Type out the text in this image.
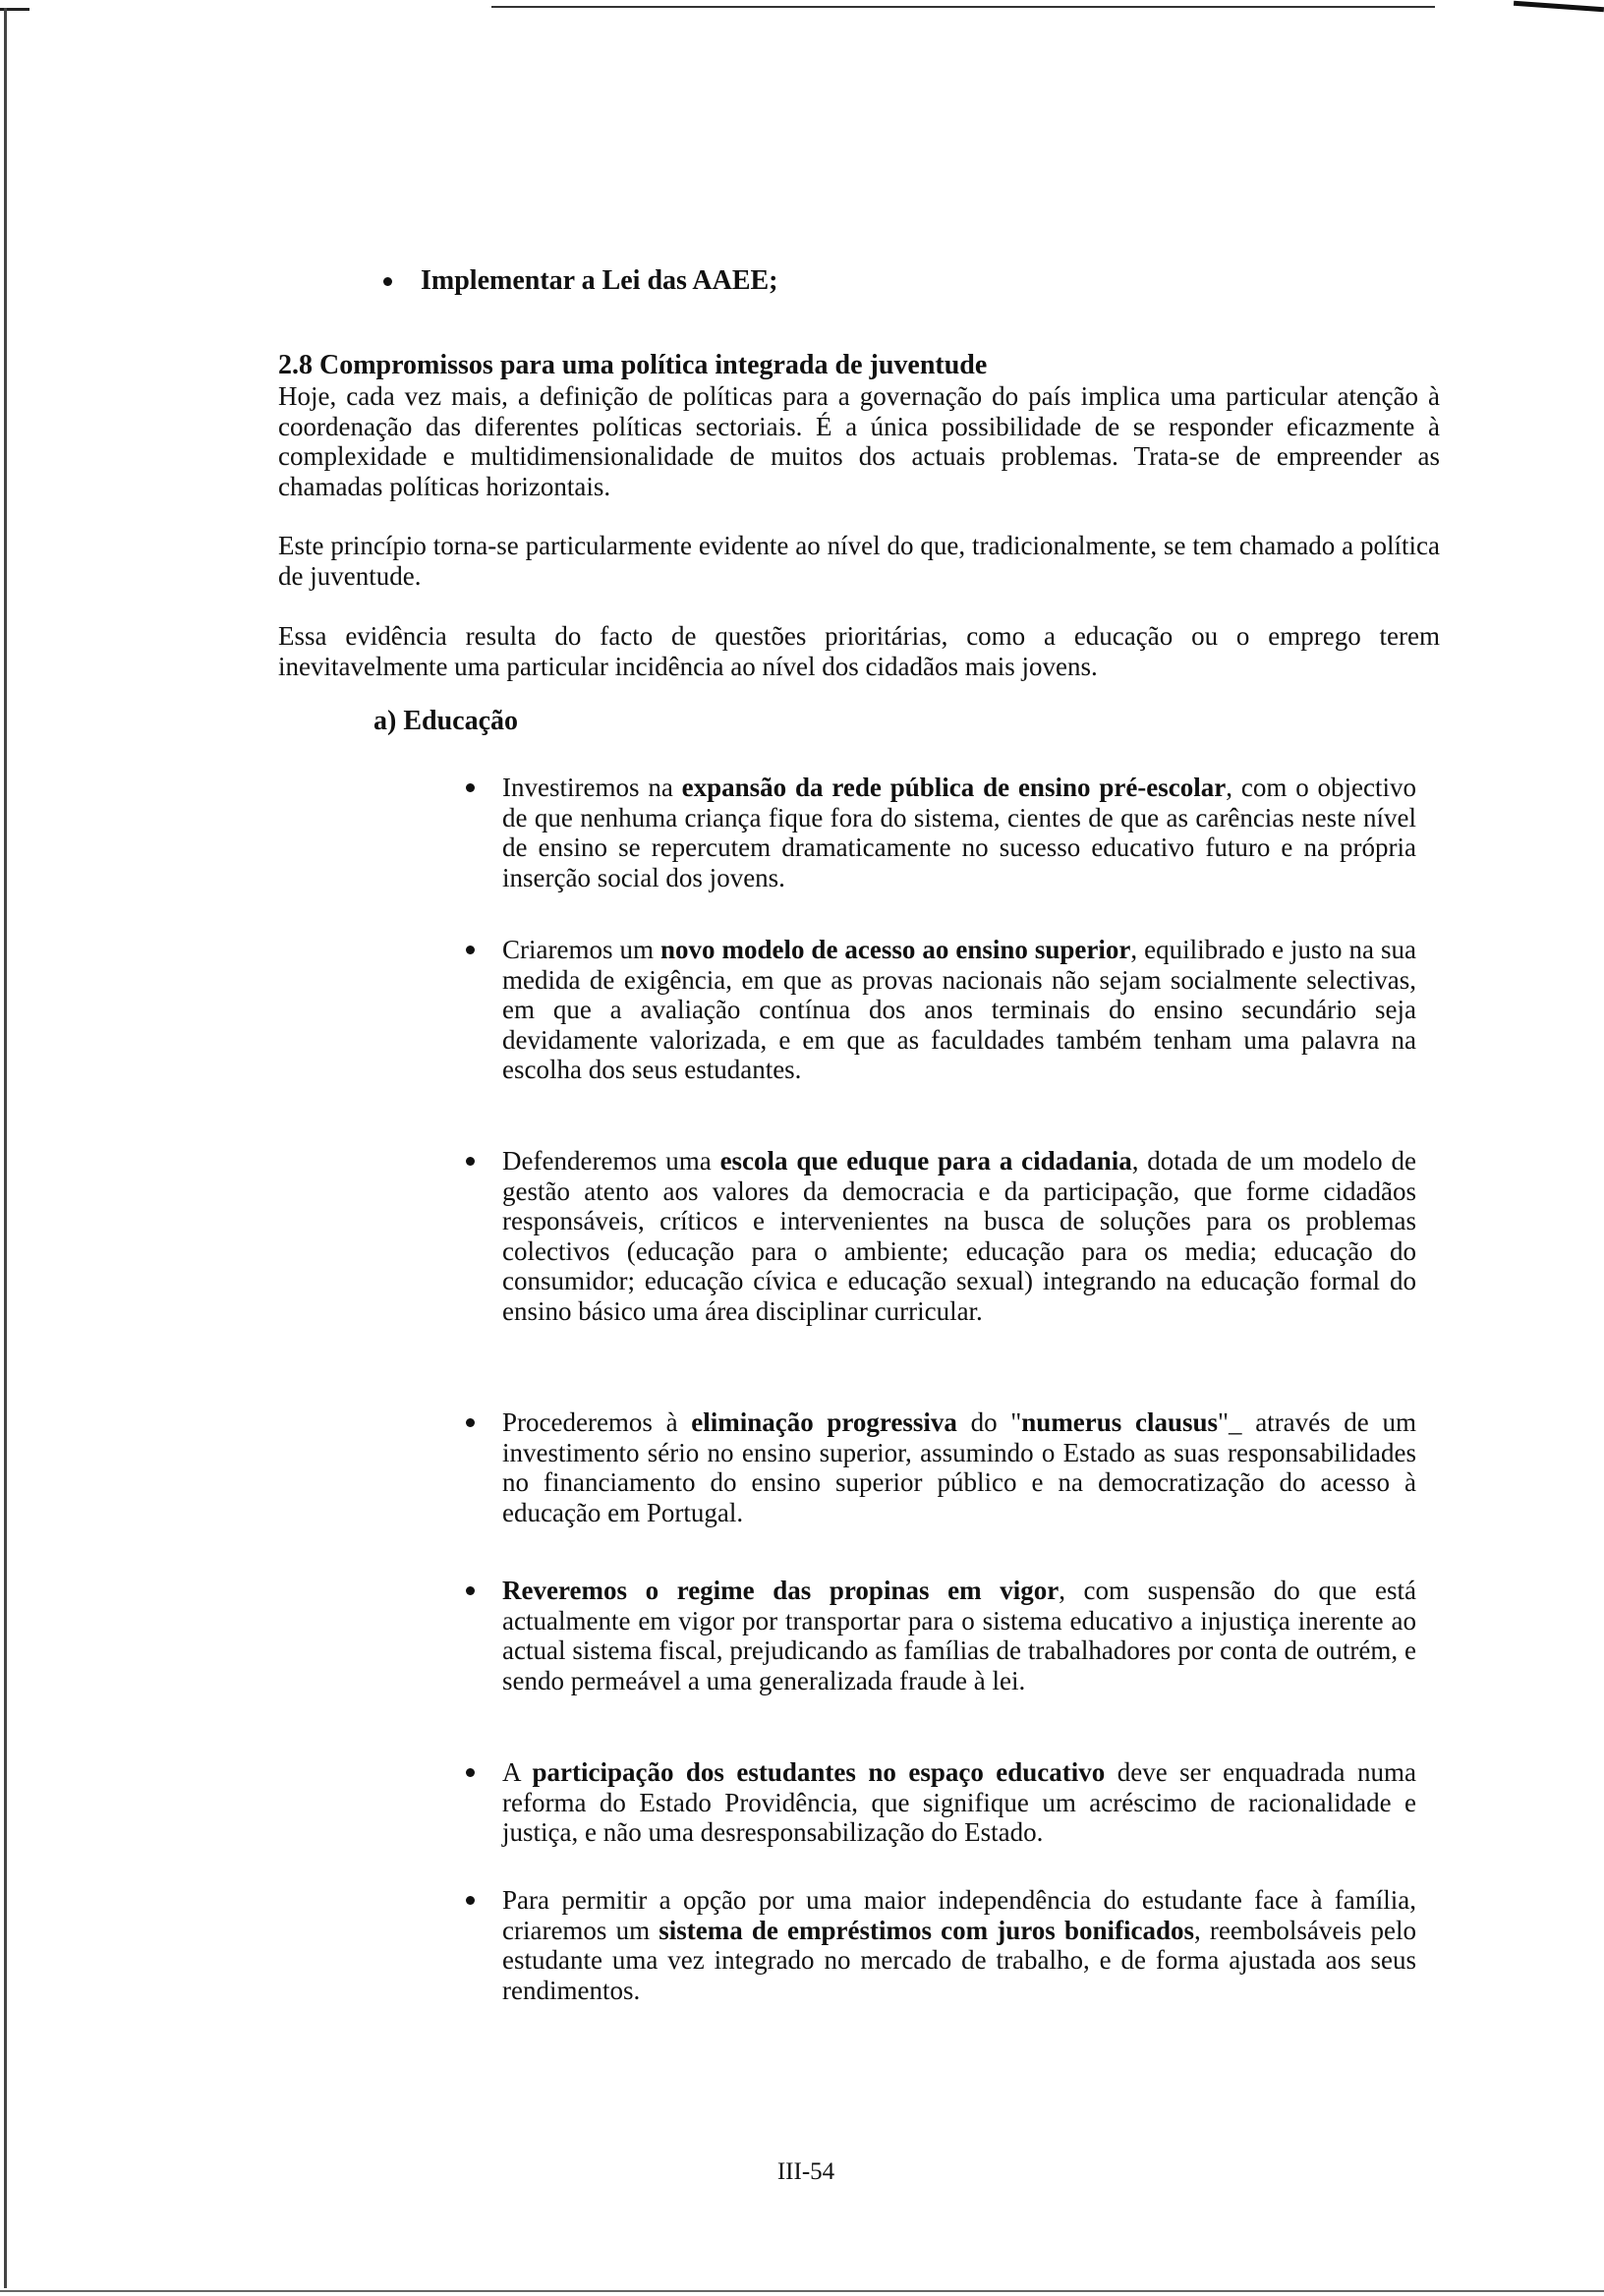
Implementar a Lei das AAEE;
2.8 Compromissos para uma política integrada de juventude
Hoje, cada vez mais, a definição de políticas para a governação do país implica uma particular atenção à coordenação das diferentes políticas sectoriais. É a única possibilidade de se responder eficazmente à complexidade e multidimensionalidade de muitos dos actuais problemas. Trata-se de empreender as chamadas políticas horizontais.
Este princípio torna-se particularmente evidente ao nível do que, tradicionalmente, se tem chamado a política de juventude.
Essa evidência resulta do facto de questões prioritárias, como a educação ou o emprego terem inevitavelmente uma particular incidência ao nível dos cidadãos mais jovens.
a) Educação
Investiremos na expansão da rede pública de ensino pré-escolar, com o objectivo de que nenhuma criança fique fora do sistema, cientes de que as carências neste nível de ensino se repercutem dramaticamente no sucesso educativo futuro e na própria inserção social dos jovens.
Criaremos um novo modelo de acesso ao ensino superior, equilibrado e justo na sua medida de exigência, em que as provas nacionais não sejam socialmente selectivas, em que a avaliação contínua dos anos terminais do ensino secundário seja devidamente valorizada, e em que as faculdades também tenham uma palavra na escolha dos seus estudantes.
Defenderemos uma escola que eduque para a cidadania, dotada de um modelo de gestão atento aos valores da democracia e da participação, que forme cidadãos responsáveis, críticos e intervenientes na busca de soluções para os problemas colectivos (educação para o ambiente; educação para os media; educação do consumidor; educação cívica e educação sexual) integrando na educação formal do ensino básico uma área disciplinar curricular.
Procederemos à eliminação progressiva do "numerus clausus"_ através de um investimento sério no ensino superior, assumindo o Estado as suas responsabilidades no financiamento do ensino superior público e na democratização do acesso à educação em Portugal.
Reveremos o regime das propinas em vigor, com suspensão do que está actualmente em vigor por transportar para o sistema educativo a injustiça inerente ao actual sistema fiscal, prejudicando as famílias de trabalhadores por conta de outrém, e sendo permeável a uma generalizada fraude à lei.
A participação dos estudantes no espaço educativo deve ser enquadrada numa reforma do Estado Providência, que signifique um acréscimo de racionalidade e justiça, e não uma desresponsabilização do Estado.
Para permitir a opção por uma maior independência do estudante face à família, criaremos um sistema de empréstimos com juros bonificados, reembolsáveis pelo estudante uma vez integrado no mercado de trabalho, e de forma ajustada aos seus rendimentos.
III-54
